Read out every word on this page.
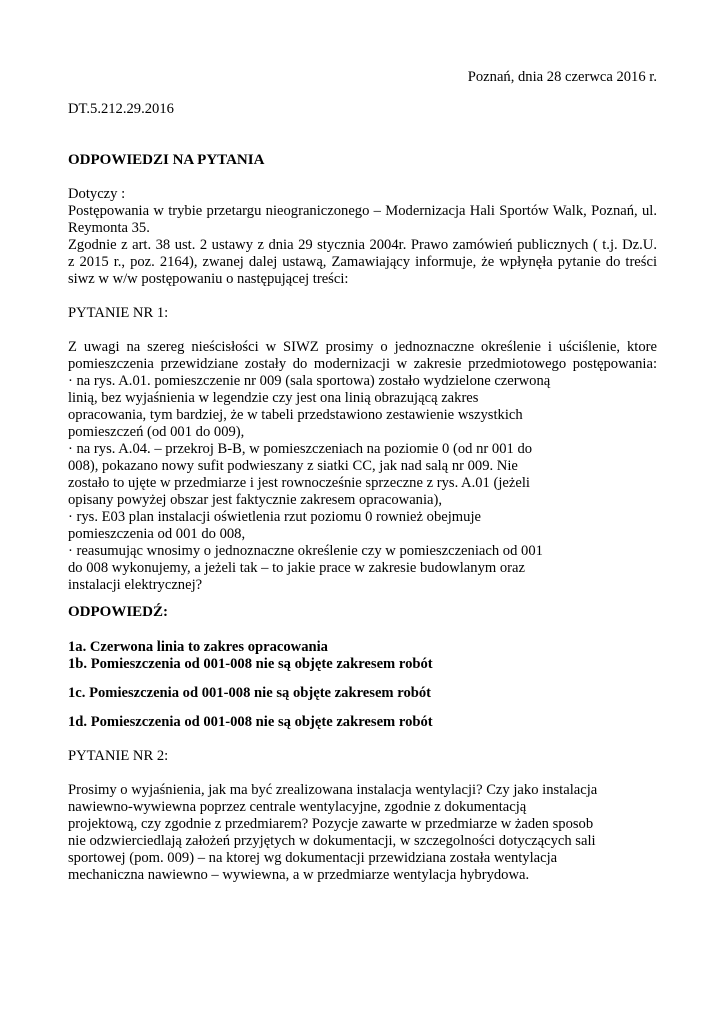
Poznań, dnia 28 czerwca 2016 r.
DT.5.212.29.2016
ODPOWIEDZI NA PYTANIA
Dotyczy :
Postępowania w trybie przetargu nieograniczonego – Modernizacja Hali Sportów Walk, Poznań, ul.
Reymonta 35.
Zgodnie z art. 38 ust. 2 ustawy z dnia 29 stycznia 2004r. Prawo zamówień publicznych ( t.j. Dz.U.
z 2015 r., poz. 2164), zwanej dalej ustawą, Zamawiający informuje, że wpłynęła pytanie do treści
siwz w w/w postępowaniu o następującej treści:
PYTANIE NR 1:
Z uwagi na szereg nieścisłości w SIWZ prosimy o jednoznaczne określenie i uściślenie, ktore
pomieszczenia przewidziane zostały do modernizacji w zakresie przedmiotowego postępowania:
· na rys. A.01. pomieszczenie nr 009 (sala sportowa) zostało wydzielone czerwoną
linią, bez wyjaśnienia w legendzie czy jest ona linią obrazującą zakres
opracowania, tym bardziej, że w tabeli przedstawiono zestawienie wszystkich
pomieszczeń (od 001 do 009),
· na rys. A.04. – przekroj B-B, w pomieszczeniach na poziomie 0 (od nr 001 do
008), pokazano nowy sufit podwieszany z siatki CC, jak nad salą nr 009. Nie
zostało to ujęte w przedmiarze i jest rownocześnie sprzeczne z rys. A.01 (jeżeli
opisany powyżej obszar jest faktycznie zakresem opracowania),
· rys. E03 plan instalacji oświetlenia rzut poziomu 0 rownież obejmuje
pomieszczenia od 001 do 008,
· reasumując wnosimy o jednoznaczne określenie czy w pomieszczeniach od 001
do 008 wykonujemy, a jeżeli tak – to jakie prace w zakresie budowlanym oraz
instalacji elektrycznej?
ODPOWIEDŹ:
1a. Czerwona linia to zakres opracowania
1b. Pomieszczenia od 001-008 nie są objęte zakresem robót
1c. Pomieszczenia od 001-008 nie są objęte zakresem robót
1d. Pomieszczenia od 001-008 nie są objęte zakresem robót
PYTANIE NR 2:
Prosimy o wyjaśnienia, jak ma być zrealizowana instalacja wentylacji? Czy jako instalacja
nawiewno-wywiewna poprzez centrale wentylacyjne, zgodnie z dokumentacją
projektową, czy zgodnie z przedmiarem? Pozycje zawarte w przedmiarze w żaden sposob
nie odzwierciedlają założeń przyjętych w dokumentacji, w szczegolności dotyczących sali
sportowej (pom. 009) – na ktorej wg dokumentacji przewidziana została wentylacja
mechaniczna nawiewno – wywiewna, a w przedmiarze wentylacja hybrydowa.
